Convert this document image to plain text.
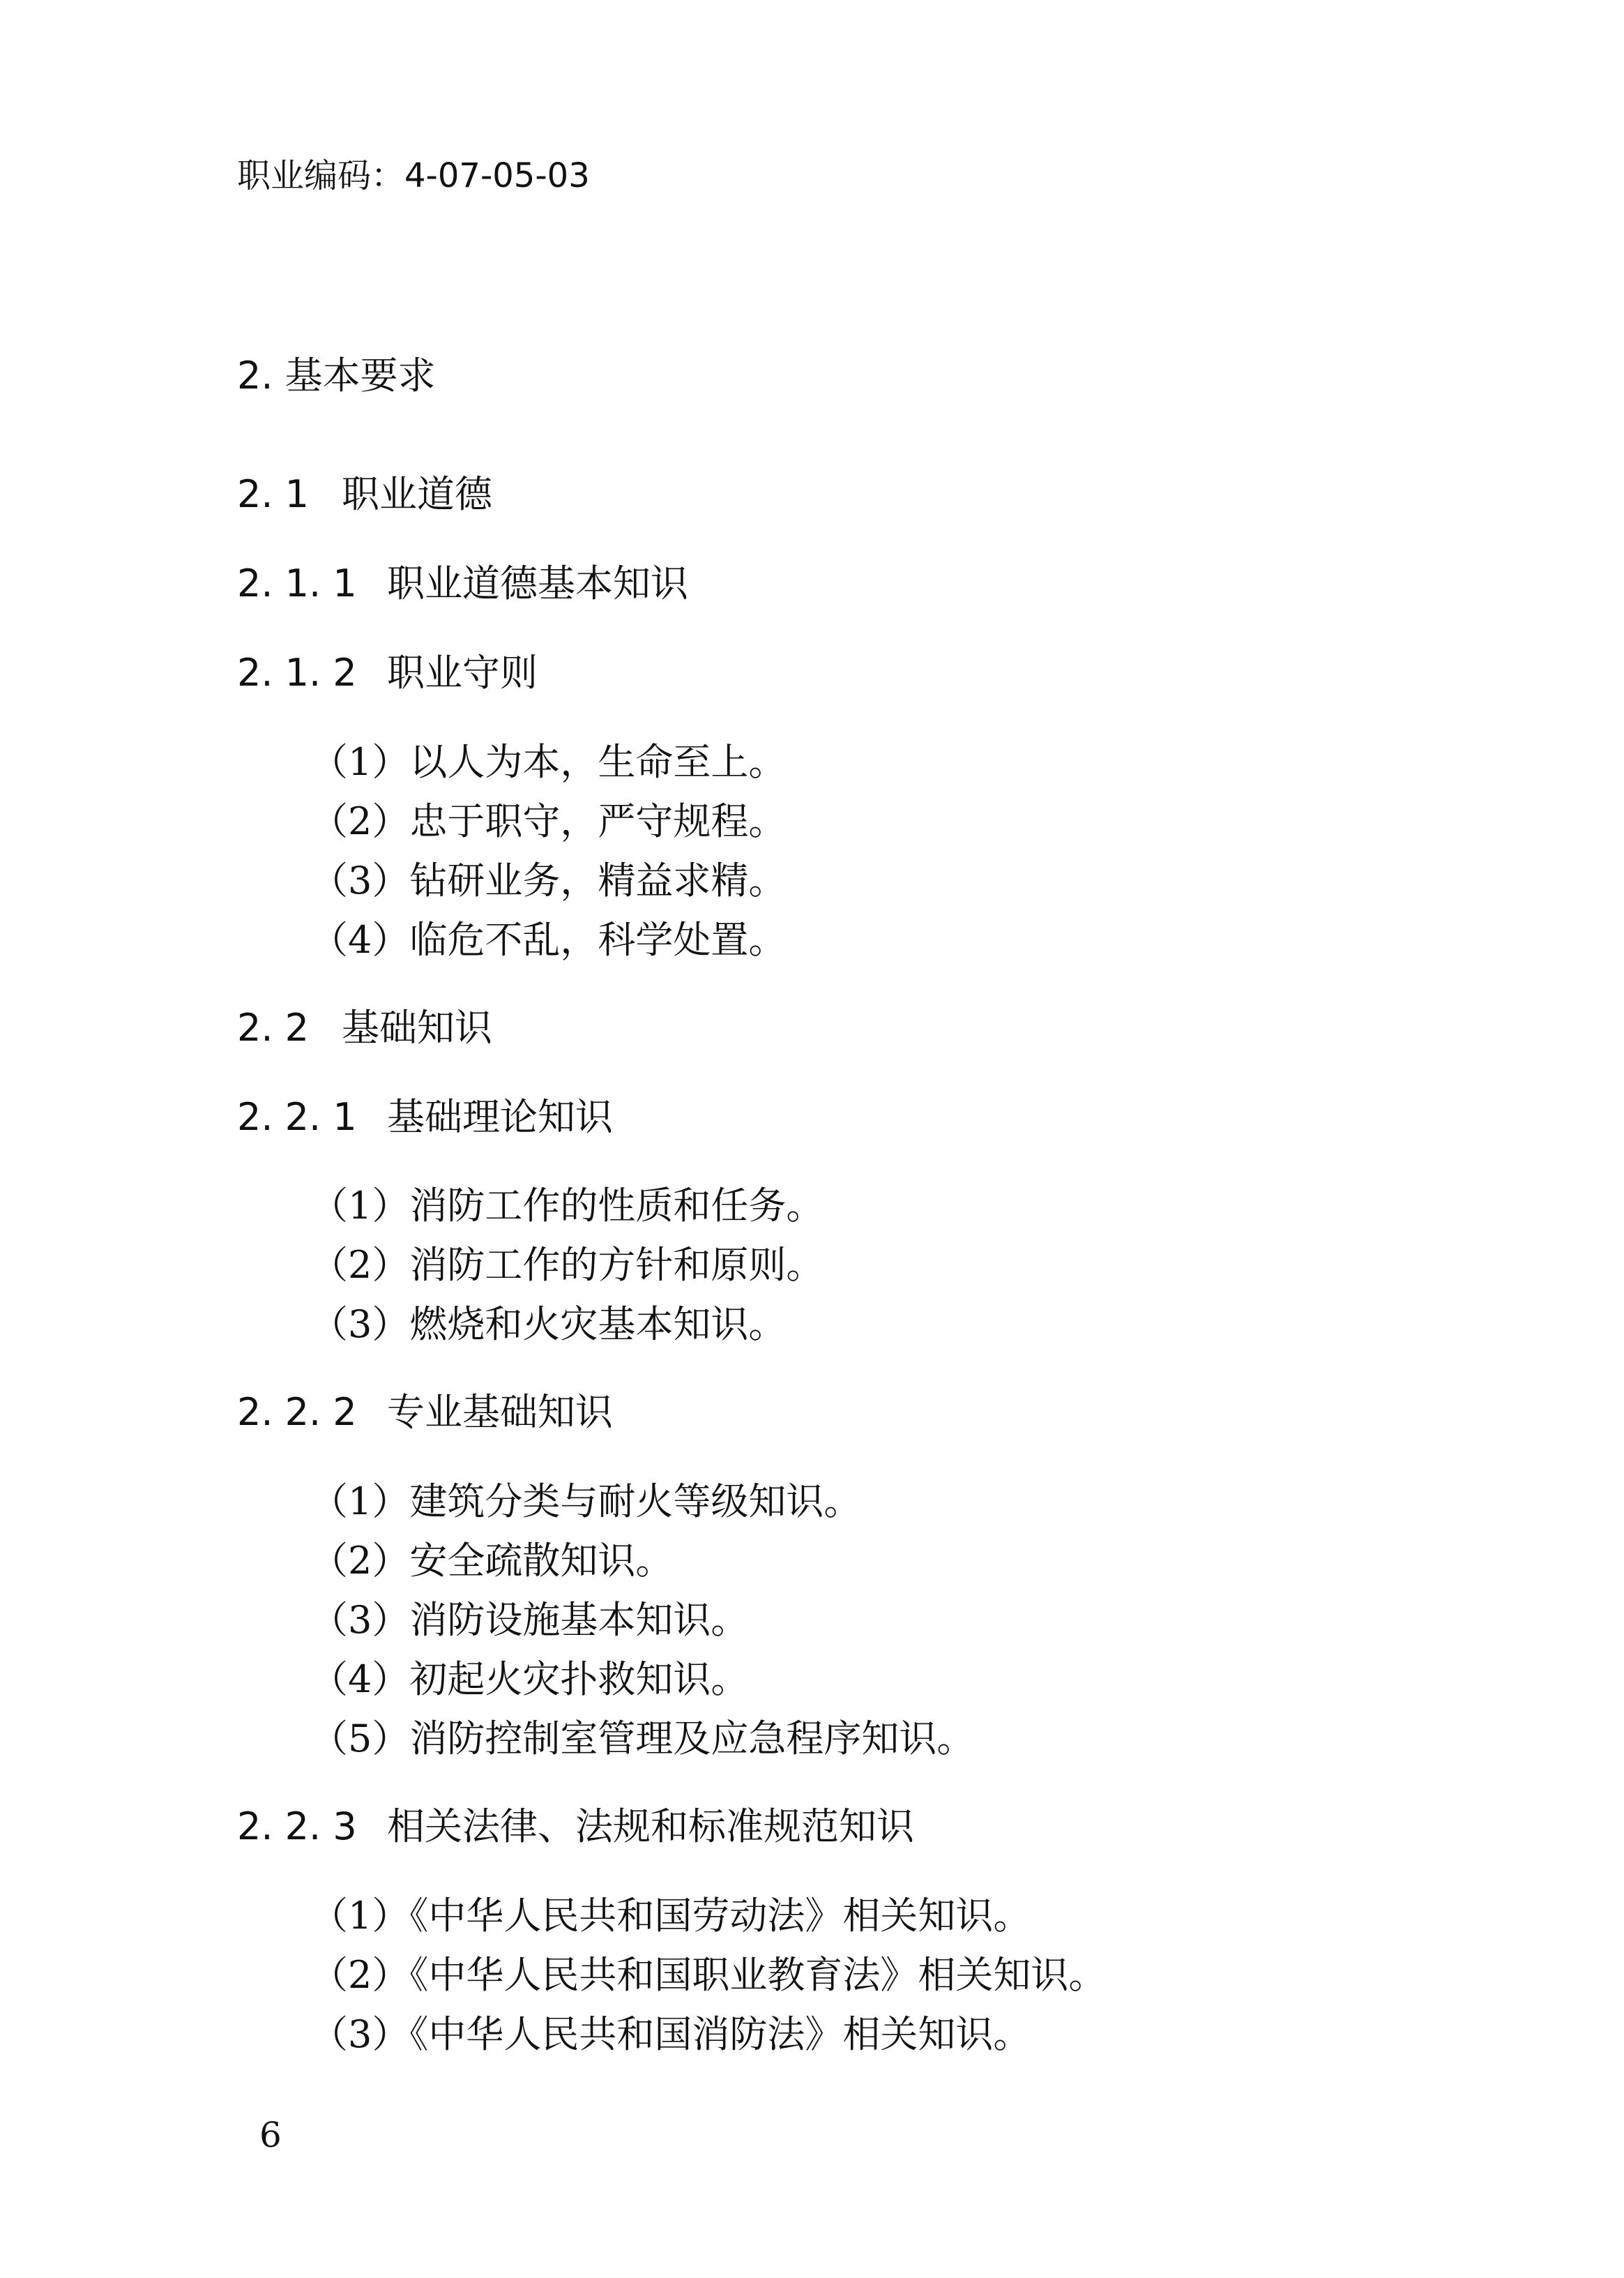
职业编码：4-07-05-03
2. 基本要求
2. 1 职业道德
2. 1. 1 职业道德基本知识
2. 1. 2 职业守则
（1）以人为本，生命至上。
（2）忠于职守，严守规程。
（3）钻研业务，精益求精。
（4）临危不乱，科学处置。
2. 2 基础知识
2. 2. 1 基础理论知识
（1）消防工作的性质和任务。
（2）消防工作的方针和原则。
（3）燃烧和火灾基本知识。
2. 2. 2 专业基础知识
（1）建筑分类与耐火等级知识。
（2）安全疏散知识。
（3）消防设施基本知识。
（4）初起火灾扑救知识。
（5）消防控制室管理及应急程序知识。
2. 2. 3 相关法律、法规和标准规范知识
（1）《中华人民共和国劳动法》相关知识。
（2）《中华人民共和国职业教育法》相关知识。
（3）《中华人民共和国消防法》相关知识。
6
